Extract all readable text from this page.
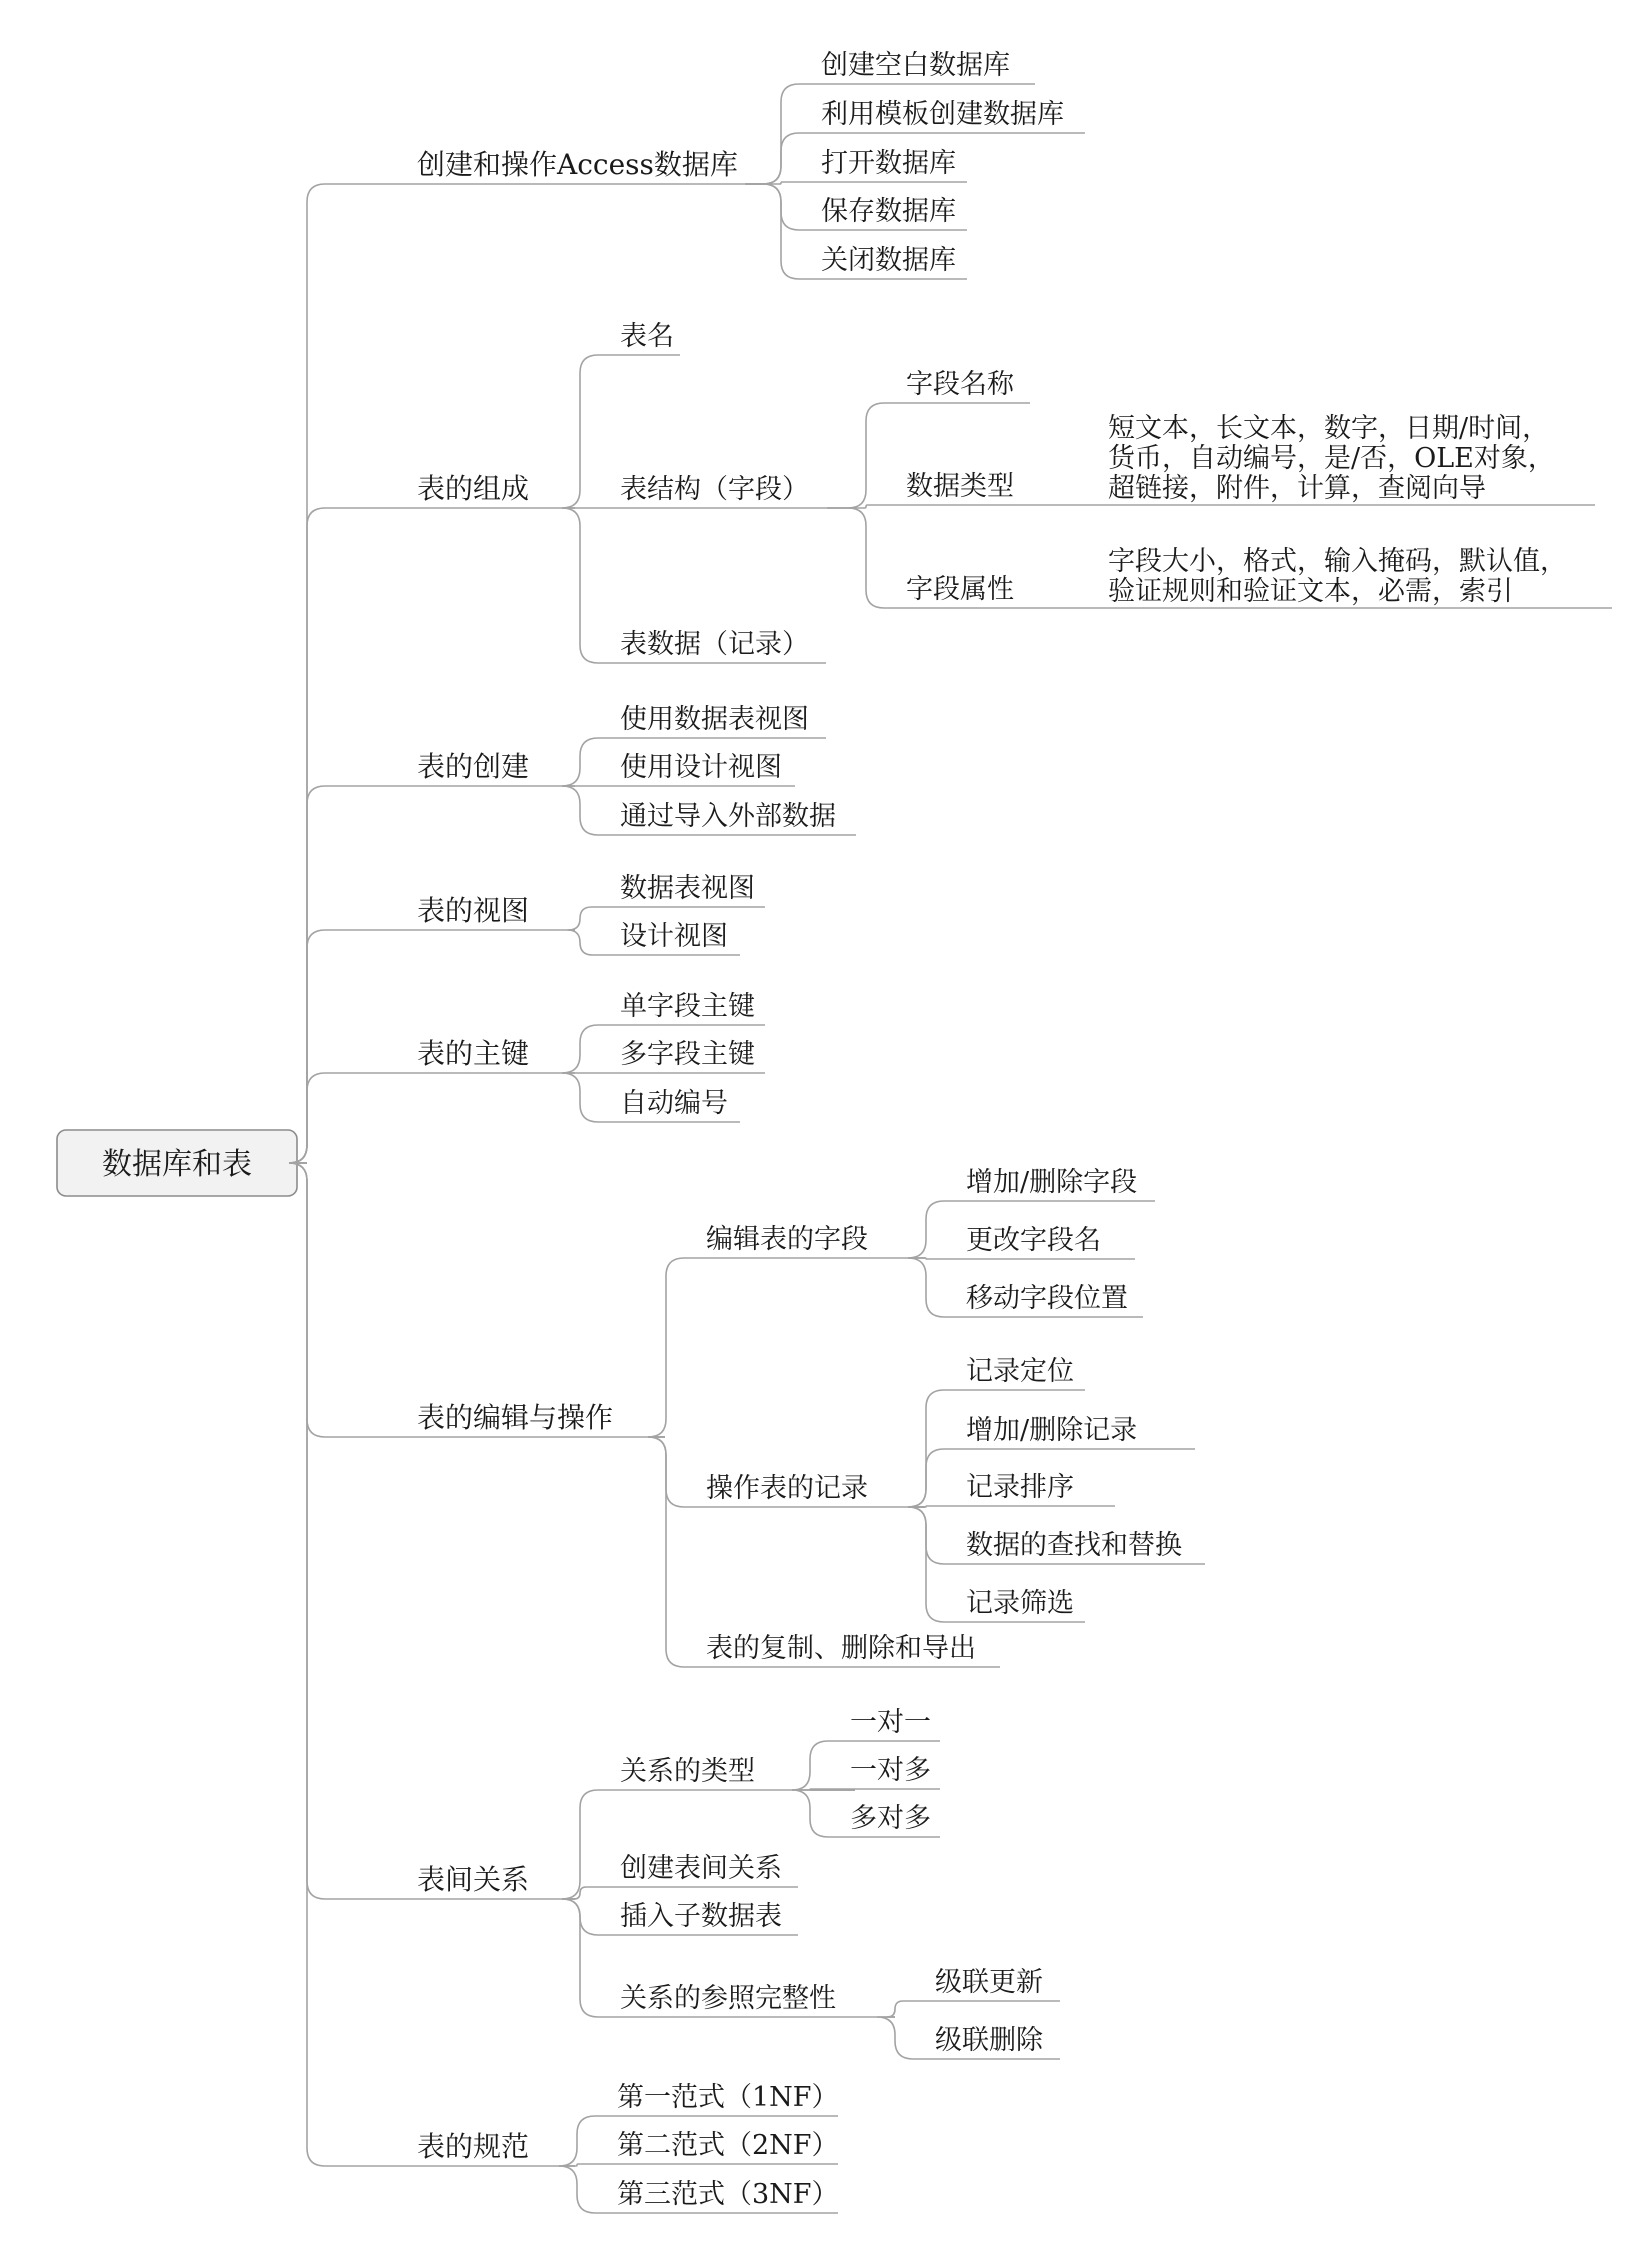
数据库和表
创建和操作Access数据库
创建空白数据库
利用模板创建数据库
打开数据库
保存数据库
关闭数据库
表的组成
表名
表结构（字段）
字段名称
数据类型
短文本，长文本，数字，日期/时间，
货币，自动编号，是/否，OLE对象，
超链接，附件，计算，查阅向导
字段属性
字段大小，格式，输入掩码，默认值，
验证规则和验证文本，必需，索引
表数据（记录）
表的创建
使用数据表视图
使用设计视图
通过导入外部数据
表的视图
数据表视图
设计视图
表的主键
单字段主键
多字段主键
自动编号
表的编辑与操作
编辑表的字段
增加/删除字段
更改字段名
移动字段位置
操作表的记录
记录定位
增加/删除记录
记录排序
数据的查找和替换
记录筛选
表的复制、删除和导出
表间关系
关系的类型
一对一
一对多
多对多
创建表间关系
插入子数据表
关系的参照完整性
级联更新
级联删除
表的规范
第一范式（1NF）
第二范式（2NF）
第三范式（3NF）
